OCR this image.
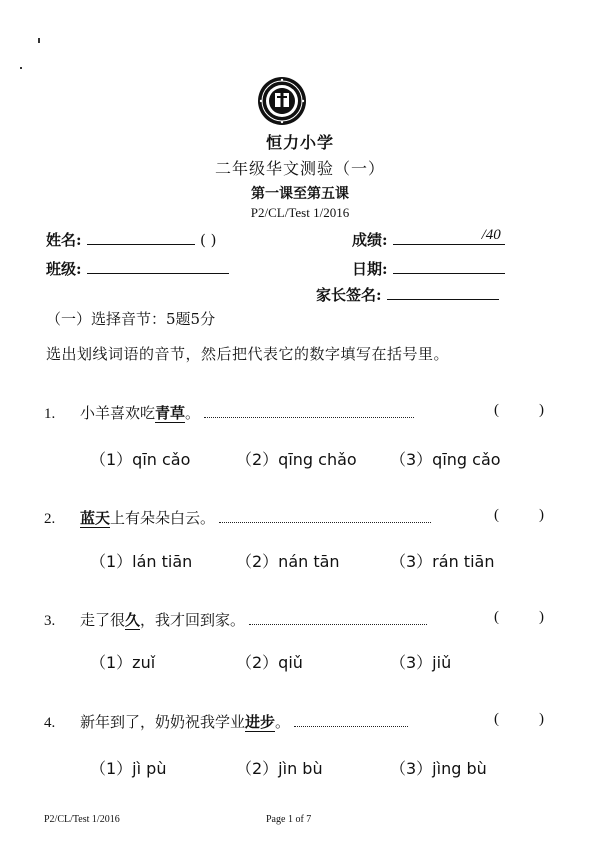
恒力小学
二年级华文测验（一）
第一课至第五课
P2/CL/Test 1/2016
姓名:	( )	成绩:	/40
班级:	日期:
家长签名:
（一）选择音节：5题5分
选出划线词语的音节，然后把代表它的数字填写在括号里。
1. 小羊喜欢吃青草。	(	)
（1）qīn cǎo	（2）qīng chǎo （3）qīng cǎo
2. 蓝天上有朵朵白云。	(	)
（1）lán tiān	（2）nán tān	（3）rán tiān
3. 走了很久，我才回到家。	(	)
（1）zuǐ	（2）qiǔ	（3）jiǔ
4. 新年到了，奶奶祝我学业进步。	(	)
（1）jì pù	（2）jìn bù	（3）jìng bù
P2/CL/Test 1/2016	Page 1 of 7
